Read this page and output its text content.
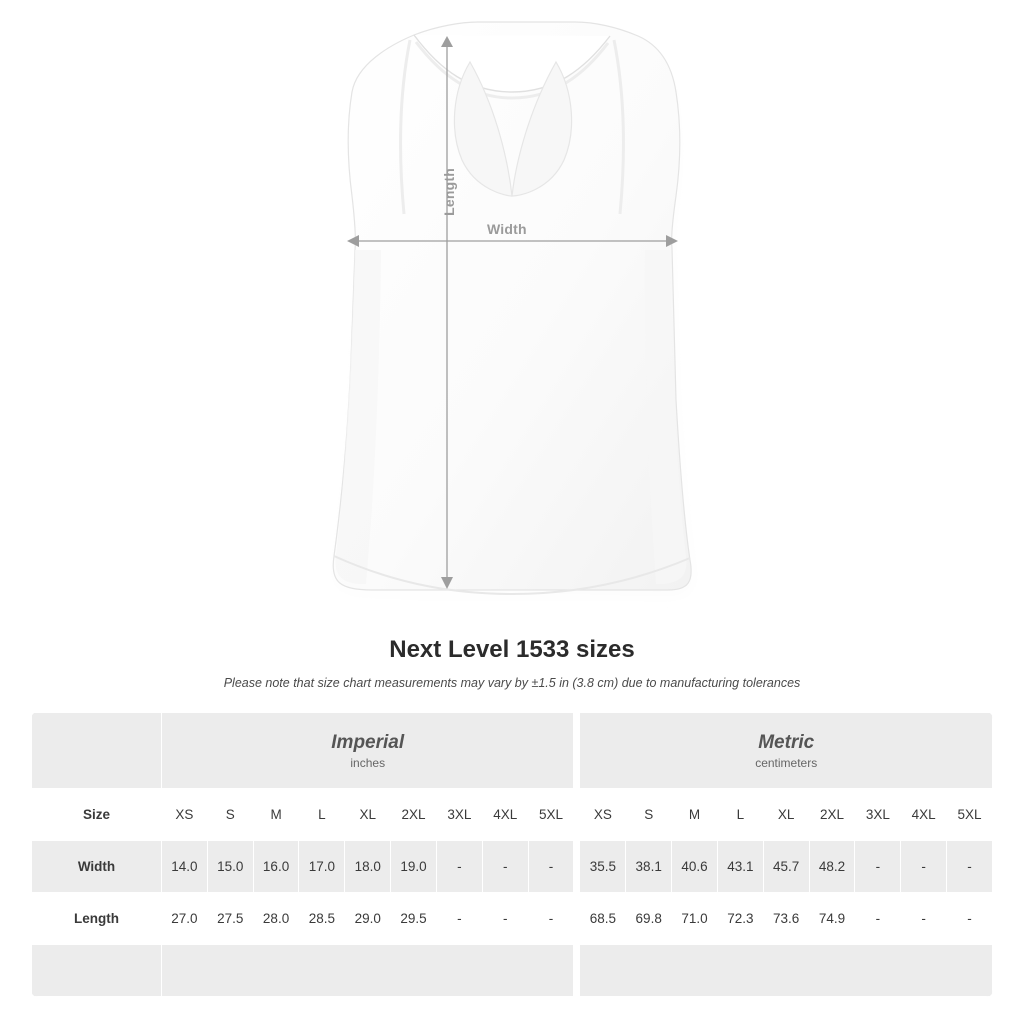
Length
Width
Next Level 1533 sizes

Please note that size chart measurements may vary by ±1.5 in (3.8 cm) due to manufacturing tolerances

	Imperial
inches										Metric
centimeters								

Size	XS	S	M	L	XL	2XL	3XL	4XL	5XL		XS	S	M	L	XL	2XL	3XL	4XL	5XL
Width	14.0	15.0	16.0	17.0	18.0	19.0	-	-	-		35.5	38.1	40.6	43.1	45.7	48.2	-	-	-
Length	27.0	27.5	28.0	28.5	29.0	29.5	-	-	-		68.5	69.8	71.0	72.3	73.6	74.9	-	-	-
